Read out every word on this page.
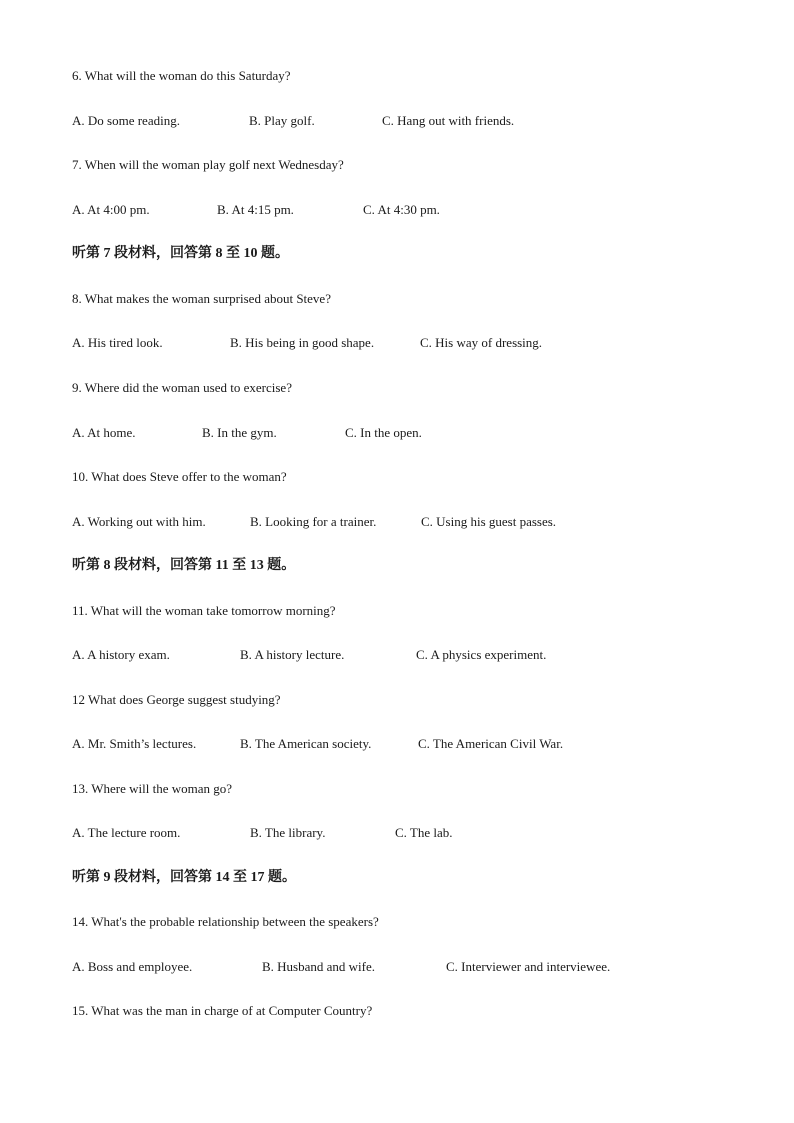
6. What will the woman do this Saturday?
A. Do some reading.	B. Play golf.	C. Hang out with friends.
7. When will the woman play golf next Wednesday?
A. At 4:00 pm.	B. At 4:15 pm.	C. At 4:30 pm.
听第 7 段材料，回答第 8 至 10 题。
8. What makes the woman surprised about Steve?
A. His tired look.	B. His being in good shape.	C. His way of dressing.
9. Where did the woman used to exercise?
A. At home.	B. In the gym.	C. In the open.
10. What does Steve offer to the woman?
A. Working out with him.	B. Looking for a trainer.	C. Using his guest passes.
听第 8 段材料，回答第 11 至 13 题。
11. What will the woman take tomorrow morning?
A. A history exam.	B. A history lecture.	C. A physics experiment.
12 What does George suggest studying?
A. Mr. Smith’s lectures.	B. The American society.	C. The American Civil War.
13. Where will the woman go?
A. The lecture room.	B. The library.	C. The lab.
听第 9 段材料，回答第 14 至 17 题。
14. What's the probable relationship between the speakers?
A. Boss and employee.	B. Husband and wife.	C. Interviewer and interviewee.
15. What was the man in charge of at Computer Country?
